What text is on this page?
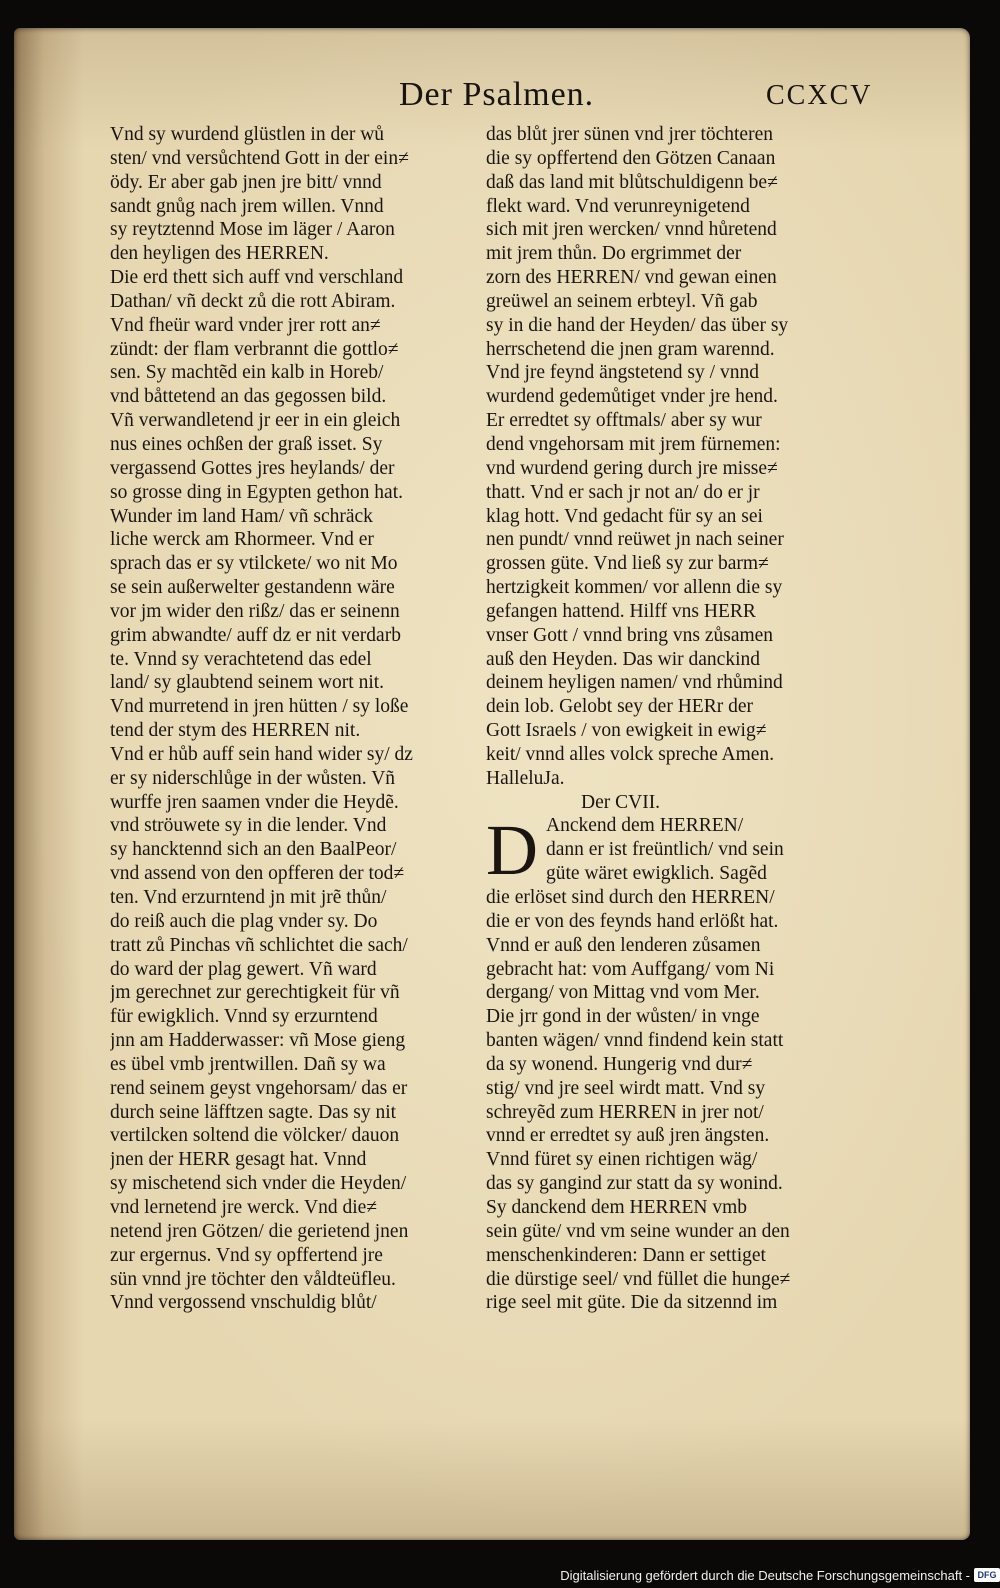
Der Psalmen.	CCXCV
Vnd sy wurdend glüstlen in der wů
sten/ vnd versůchtend Gott in der ein≠
ödy. Er aber gab jnen jre bitt/ vnnd
sandt gnůg nach jrem willen. Vnnd
sy reytztennd Mose im läger / Aaron
den heyligen des HERREN.
Die erd thett sich auff vnd verschland
Dathan/ vñ deckt zů die rott Abiram.
Vnd fheür ward vnder jrer rott an≠
zündt: der flam verbrannt die gottlo≠
sen. Sy machtẽd ein kalb in Horeb/
vnd båttetend an das gegossen bild.
Vñ verwandletend jr eer in ein gleich
nus eines ochßen der graß isset. Sy
vergassend Gottes jres heylands/ der
so grosse ding in Egypten gethon hat.
Wunder im land Ham/ vñ schräck
liche werck am Rhormeer. Vnd er
sprach das er sy vtilckete/ wo nit Mo
se sein außerwelter gestandenn wäre
vor jm wider den rißz/ das er seinenn
grim abwandte/ auff dz er nit verdarb
te. Vnnd sy verachtetend das edel
land/ sy glaubtend seinem wort nit.
Vnd murretend in jren hütten / sy loße
tend der stym des HERREN nit.
Vnd er hůb auff sein hand wider sy/ dz
er sy niderschlůge in der wůsten. Vñ
wurffe jren saamen vnder die Heydẽ.
vnd ströuwete sy in die lender. Vnd
sy hancktennd sich an den BaalPeor/
vnd assend von den opfferen der tod≠
ten. Vnd erzurntend jn mit jrẽ thůn/
do reiß auch die plag vnder sy. Do
tratt zů Pinchas vñ schlichtet die sach/
do ward der plag gewert. Vñ ward
jm gerechnet zur gerechtigkeit für vñ
für ewigklich. Vnnd sy erzurntend
jnn am Hadderwasser: vñ Mose gieng
es übel vmb jrentwillen. Dañ sy wa
rend seinem geyst vngehorsam/ das er
durch seine läfftzen sagte. Das sy nit
vertilcken soltend die völcker/ dauon
jnen der HERR gesagt hat. Vnnd
sy mischetend sich vnder die Heyden/
vnd lernetend jre werck. Vnd die≠
netend jren Götzen/ die gerietend jnen
zur ergernus. Vnd sy opffertend jre
sün vnnd jre töchter den våldteüfleu.
Vnnd vergossend vnschuldig blůt/
das blůt jrer sünen vnd jrer töchteren
die sy opffertend den Götzen Canaan
daß das land mit blůtschuldigenn be≠
flekt ward. Vnd verunreynigetend
sich mit jren wercken/ vnnd hůretend
mit jrem thůn. Do ergrimmet der
zorn des HERREN/ vnd gewan einen
greüwel an seinem erbteyl. Vñ gab
sy in die hand der Heyden/ das über sy
herrschetend die jnen gram warennd.
Vnd jre feynd ängstetend sy / vnnd
wurdend gedemůtiget vnder jre hend.
Er erredtet sy offtmals/ aber sy wur
dend vngehorsam mit jrem fürnemen:
vnd wurdend gering durch jre misse≠
thatt. Vnd er sach jr not an/ do er jr
klag hott. Vnd gedacht für sy an sei
nen pundt/ vnnd reüwet jn nach seiner
grossen güte. Vnd ließ sy zur barm≠
hertzigkeit kommen/ vor allenn die sy
gefangen hattend. Hilff vns HERR
vnser Gott / vnnd bring vns zůsamen
auß den Heyden. Das wir danckind
deinem heyligen namen/ vnd rhůmind
dein lob. Gelobt sey der HERr der
Gott Israels / von ewigkeit in ewig≠
keit/ vnnd alles volck spreche Amen.
HalleluJa.
Der CVII.
D Anckend dem HERREN/
dann er ist freüntlich/ vnd sein
güte wäret ewigklich. Sagẽd
die erlöset sind durch den HERREN/
die er von des feynds hand erlößt hat.
Vnnd er auß den lenderen zůsamen
gebracht hat: vom Auffgang/ vom Ni
dergang/ von Mittag vnd vom Mer.
Die jrr gond in der wůsten/ in vnge
banten wägen/ vnnd findend kein statt
da sy wonend. Hungerig vnd dur≠
stig/ vnd jre seel wirdt matt. Vnd sy
schreyẽd zum HERREN in jrer not/
vnnd er erredtet sy auß jren ängsten.
Vnnd füret sy einen richtigen wäg/
das sy gangind zur statt da sy wonind.
Sy danckend dem HERREN vmb
sein güte/ vnd vm seine wunder an den
menschenkinderen: Dann er settiget
die dürstige seel/ vnd füllet die hunge≠
rige seel mit güte. Die da sitzennd im
Digitalisierung gefördert durch die Deutsche Forschungsgemeinschaft - DFG
